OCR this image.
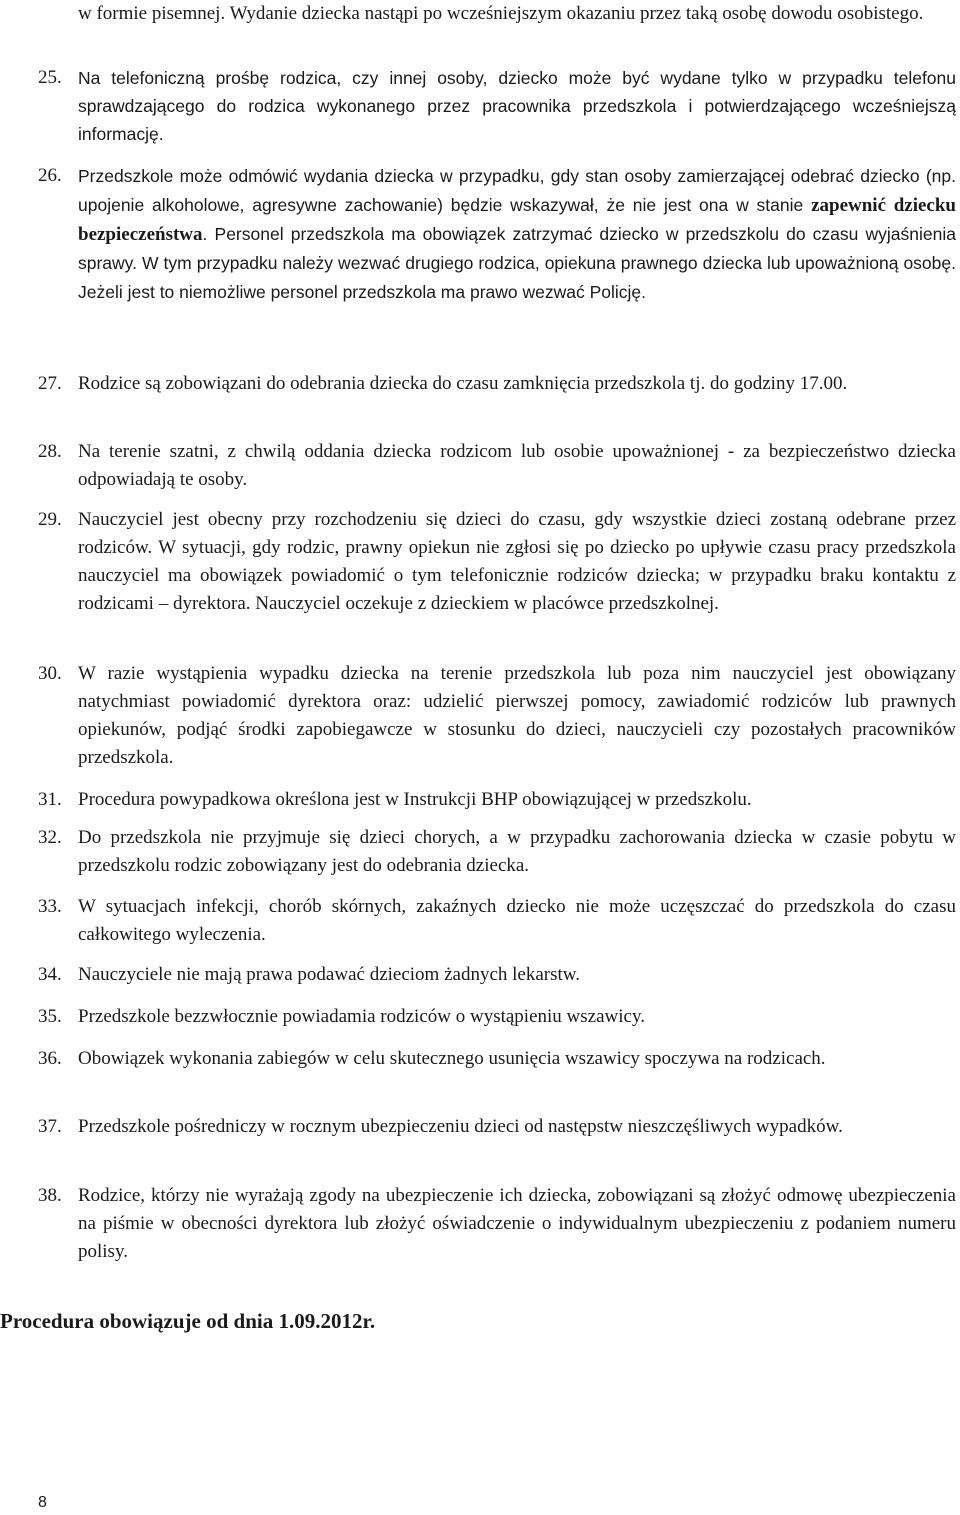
w formie pisemnej. Wydanie dziecka nastąpi po wcześniejszym okazaniu przez taką osobę dowodu osobistego.

25. Na telefoniczną prośbę rodzica, czy innej osoby, dziecko może być wydane tylko w przypadku telefonu sprawdzającego do rodzica wykonanego przez pracownika przedszkola i potwierdzającego wcześniejszą informację.

26. Przedszkole może odmówić wydania dziecka w przypadku, gdy stan osoby zamierzającej odebrać dziecko (np. upojenie alkoholowe, agresywne zachowanie) będzie wskazywał, że nie jest ona w stanie zapewnić dziecku bezpieczeństwa. Personel przedszkola ma obowiązek zatrzymać dziecko w przedszkolu do czasu wyjaśnienia sprawy. W tym przypadku należy wezwać drugiego rodzica, opiekuna prawnego dziecka lub upoważnioną osobę. Jeżeli jest to niemożliwe personel przedszkola ma prawo wezwać Policję.

27. Rodzice są zobowiązani do odebrania dziecka do czasu zamknięcia przedszkola tj. do godziny 17.00.

28. Na terenie szatni, z chwilą oddania dziecka rodzicom lub osobie upoważnionej - za bezpieczeństwo dziecka odpowiadają te osoby.

29. Nauczyciel jest obecny przy rozchodzeniu się dzieci do czasu, gdy wszystkie dzieci zostaną odebrane przez rodziców. W sytuacji, gdy rodzic, prawny opiekun nie zgłosi się po dziecko po upływie czasu pracy przedszkola nauczyciel ma obowiązek powiadomić o tym telefonicznie rodziców dziecka; w przypadku braku kontaktu z rodzicami – dyrektora. Nauczyciel oczekuje z dzieckiem w placówce przedszkolnej.

30. W razie wystąpienia wypadku dziecka na terenie przedszkola lub poza nim nauczyciel jest obowiązany natychmiast powiadomić dyrektora oraz: udzielić pierwszej pomocy, zawiadomić rodziców lub prawnych opiekunów, podjąć środki zapobiegawcze w stosunku do dzieci, nauczycieli czy pozostałych pracowników przedszkola.

31. Procedura powypadkowa określona jest w Instrukcji BHP obowiązującej w przedszkolu.

32. Do przedszkola nie przyjmuje się dzieci chorych, a w przypadku zachorowania dziecka w czasie pobytu w przedszkolu rodzic zobowiązany jest do odebrania dziecka.

33. W sytuacjach infekcji, chorób skórnych, zakaźnych dziecko nie może uczęszczać do przedszkola do czasu całkowitego wyleczenia.

34. Nauczyciele nie mają prawa podawać dzieciom żadnych lekarstw.

35. Przedszkole bezzwłocznie powiadamia rodziców o wystąpieniu wszawicy.

36. Obowiązek wykonania zabiegów w celu skutecznego usunięcia wszawicy spoczywa na rodzicach.

37. Przedszkole pośredniczy w rocznym ubezpieczeniu dzieci od następstw nieszczęśliwych wypadków.

38. Rodzice, którzy nie wyrażają zgody na ubezpieczenie ich dziecka, zobowiązani są złożyć odmowę ubezpieczenia na piśmie w obecności dyrektora lub złożyć oświadczenie o indywidualnym ubezpieczeniu z podaniem numeru polisy.

Procedura obowiązuje od dnia 1.09.2012r.
8
